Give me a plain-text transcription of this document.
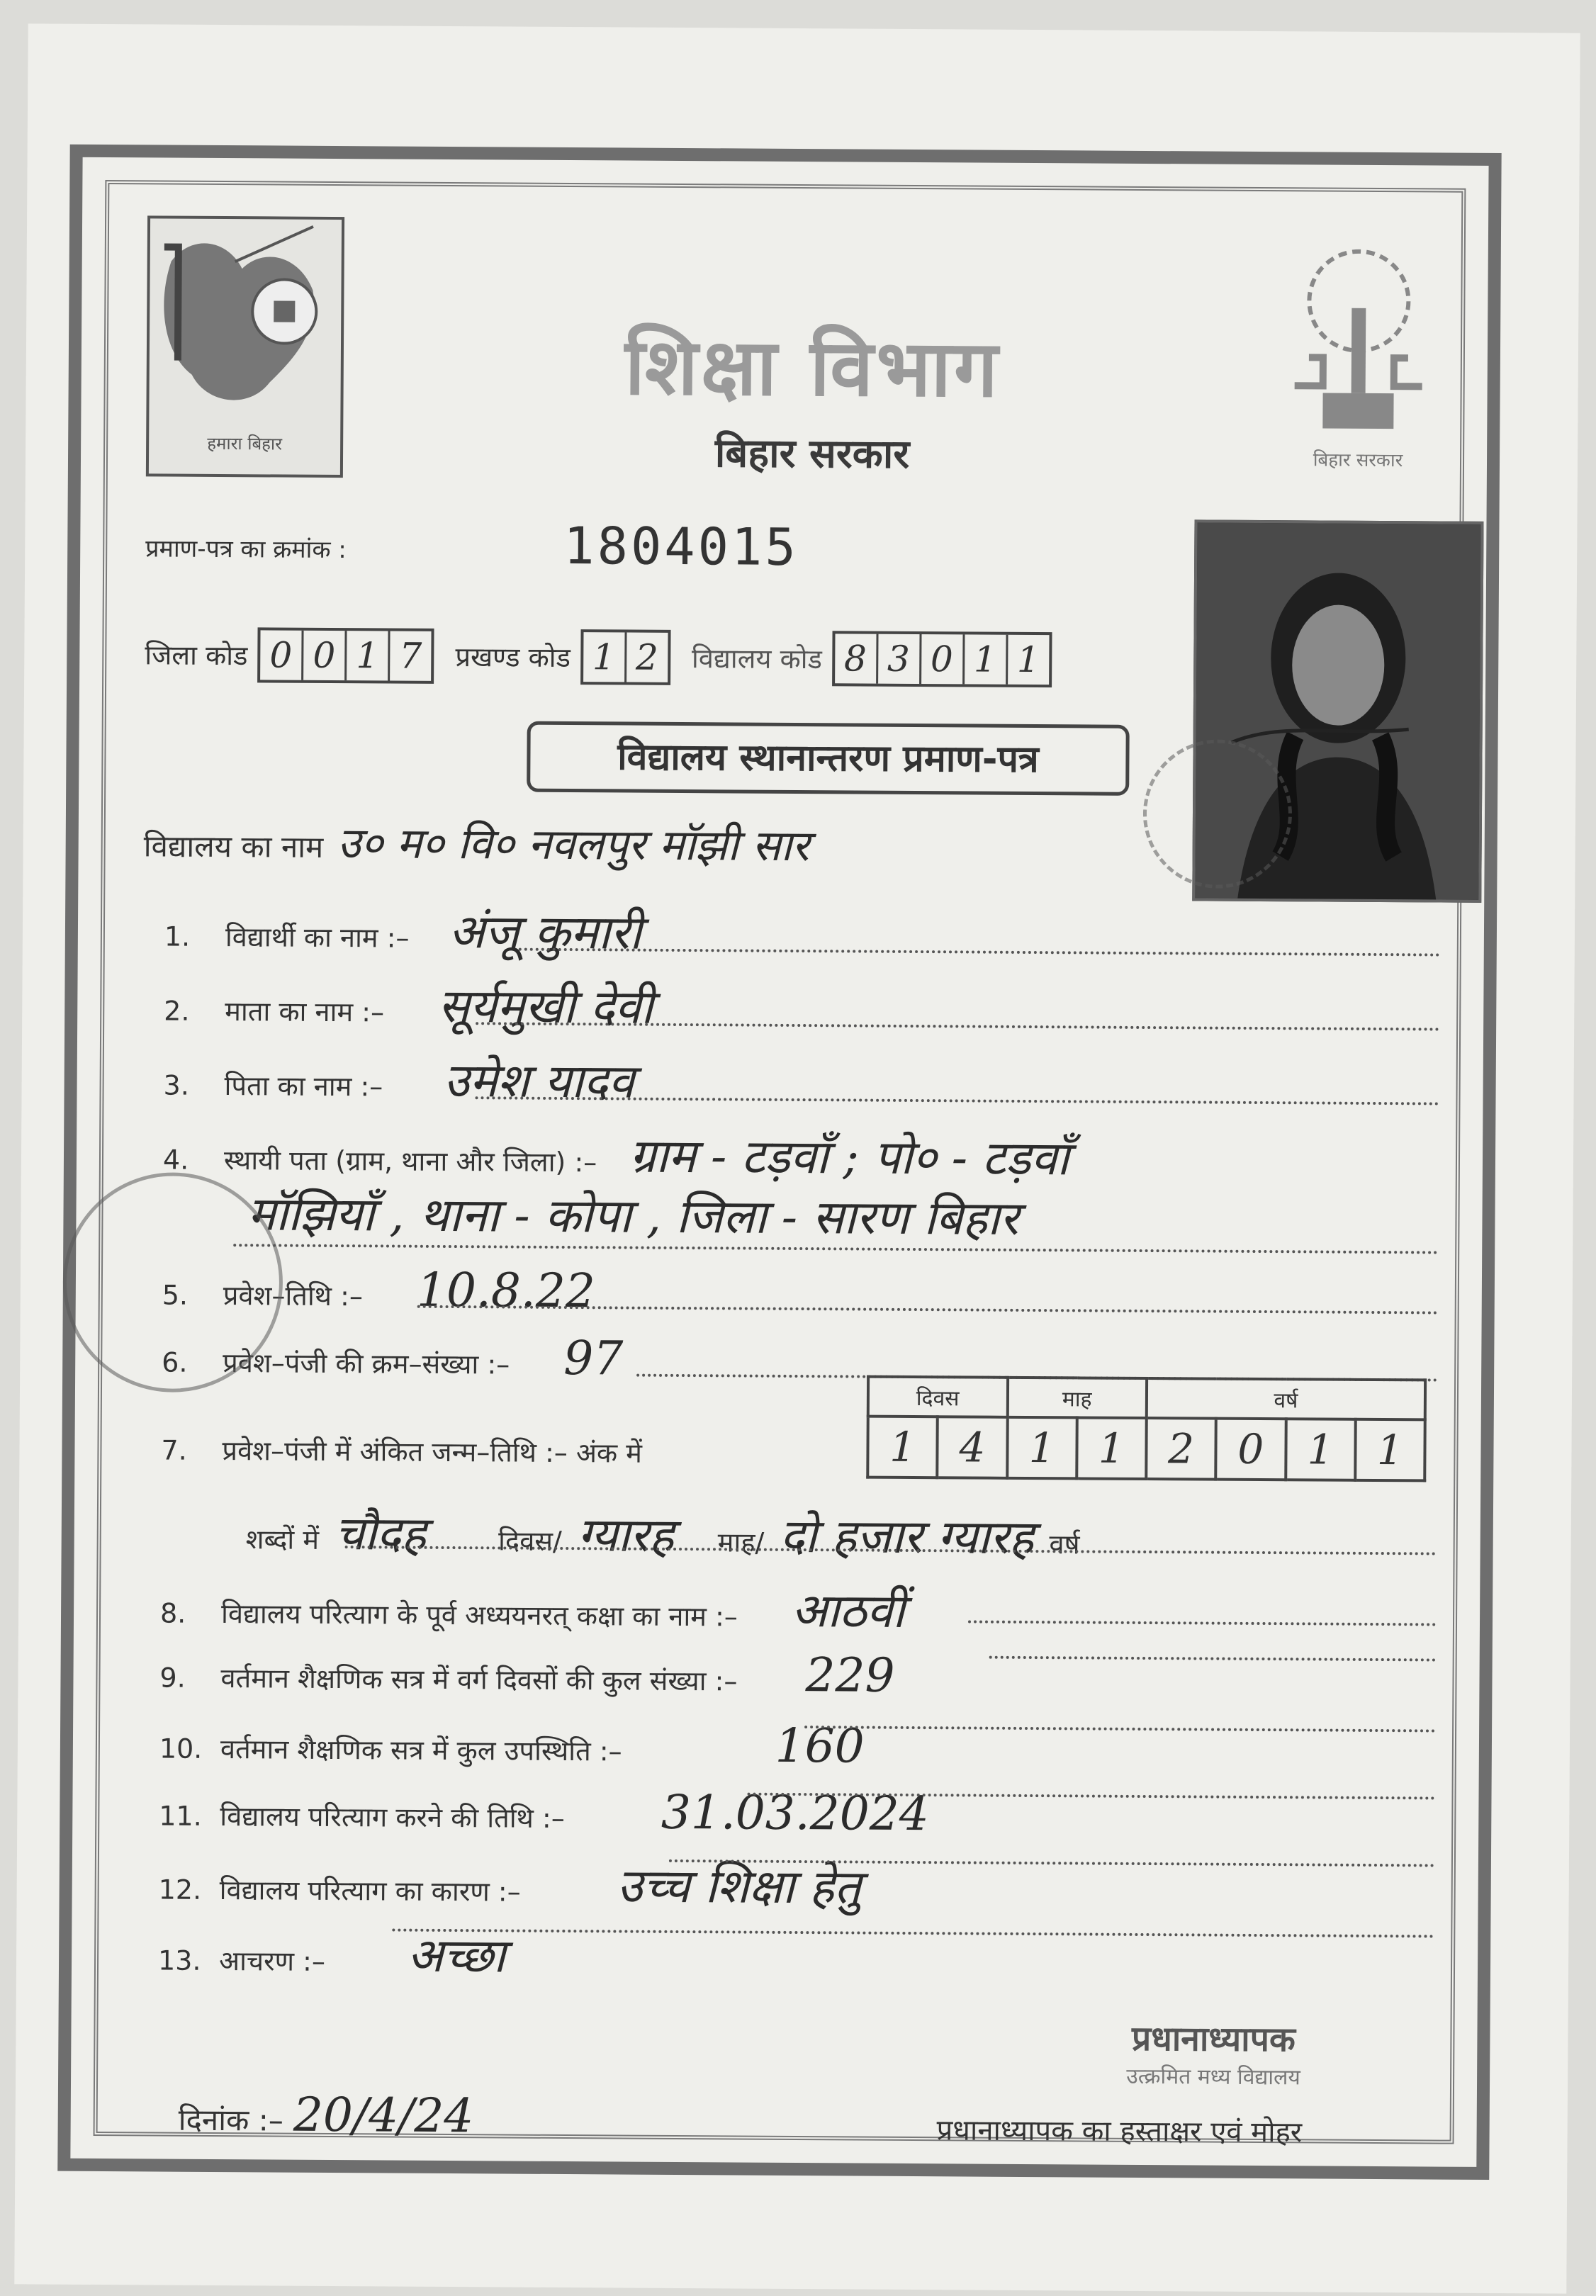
हमारा बिहार
बिहार सरकार
शिक्षा विभाग
बिहार सरकार
प्रमाण-पत्र का क्रमांक :	1804015
जिला कोड 0 0 1 7	प्रखण्ड कोड 1 2	विद्यालय कोड 8 3 0 1 1
विद्यालय स्थानान्तरण प्रमाण-पत्र
विद्यालय का नाम उ० म० वि० नवलपुर मॉझी सार
1.	विद्यार्थी का नाम :– अंजू कुमारी
2.	माता का नाम :– सूर्यमुखी देवी
3.	पिता का नाम :– उमेश यादव
4.	स्थायी पता (ग्राम, थाना और जिला) :– ग्राम - टड़वॉं ; पो० - टड़वॉं
मॉझियॉं , थाना - कोपा , जिला - सारण बिहार
5.	प्रवेश–तिथि :– 10.8.22
6.	प्रवेश–पंजी की क्रम–संख्या :– 97
7.	प्रवेश–पंजी में अंकित जन्म–तिथि :– अंक में
दिवस		माह		वर्ष			
1	4	1	1	2	0	1	1
शब्दों में चौदह	दिवस/ ग्यारह माह/ दो हजार ग्यारह वर्ष
8.	विद्यालय परित्याग के पूर्व अध्ययनरत् कक्षा का नाम :– आठवीं
9.	वर्तमान शैक्षणिक सत्र में वर्ग दिवसों की कुल संख्या :– 229
10. वर्तमान शैक्षणिक सत्र में कुल उपस्थिति :–	160
11. विद्यालय परित्याग करने की तिथि :– 31.03.2024
12. विद्यालय परित्याग का कारण :– उच्च शिक्षा हेतु
13. आचरण :– अच्छा
दिनांक :– 20/4/24
प्रधानाध्यापक
उत्क्रमित मध्य विद्यालय
प्रधानाध्यापक का हस्ताक्षर एवं मोहर
